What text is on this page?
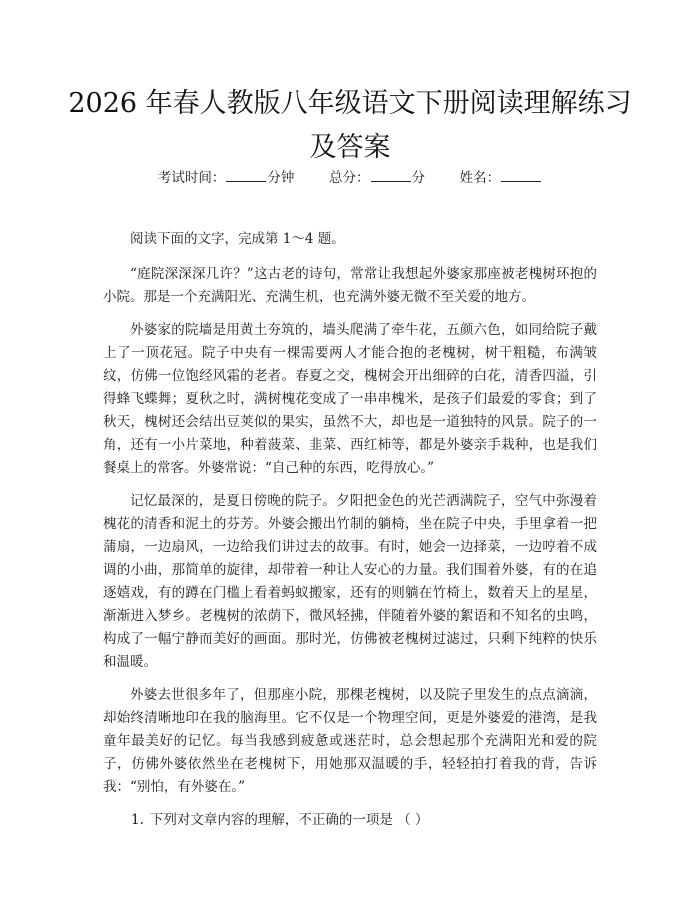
2026 年春人教版八年级语文下册阅读理解练习及答案
考试时间：	分钟	总分：	分	姓名：

阅读下面的文字，完成第 1～4 题。

“庭院深深深几许？”这古老的诗句，常常让我想起外婆家那座被老槐树环抱的小院。那是一个充满阳光、充满生机，也充满外婆无微不至关爱的地方。

外婆家的院墙是用黄土夯筑的，墙头爬满了牵牛花，五颜六色，如同给院子戴上了一顶花冠。院子中央有一棵需要两人才能合抱的老槐树，树干粗糙，布满皱纹，仿佛一位饱经风霜的老者。春夏之交，槐树会开出细碎的白花，清香四溢，引得蜂飞蝶舞；夏秋之时，满树槐花变成了一串串槐米，是孩子们最爱的零食；到了秋天，槐树还会结出豆荚似的果实，虽然不大，却也是一道独特的风景。院子的一角，还有一小片菜地，种着菠菜、韭菜、西红柿等，都是外婆亲手栽种，也是我们餐桌上的常客。外婆常说：“自己种的东西，吃得放心。”

记忆最深的，是夏日傍晚的院子。夕阳把金色的光芒洒满院子，空气中弥漫着槐花的清香和泥土的芬芳。外婆会搬出竹制的躺椅，坐在院子中央，手里拿着一把蒲扇，一边扇风，一边给我们讲过去的故事。有时，她会一边择菜，一边哼着不成调的小曲，那简单的旋律，却带着一种让人安心的力量。我们围着外婆，有的在追逐嬉戏，有的蹲在门槛上看着蚂蚁搬家，还有的则躺在竹椅上，数着天上的星星，渐渐进入梦乡。老槐树的浓荫下，微风轻拂，伴随着外婆的絮语和不知名的虫鸣，构成了一幅宁静而美好的画面。那时光，仿佛被老槐树过滤过，只剩下纯粹的快乐和温暖。

外婆去世很多年了，但那座小院，那棵老槐树，以及院子里发生的点点滴滴，却始终清晰地印在我的脑海里。它不仅是一个物理空间，更是外婆爱的港湾，是我童年最美好的记忆。每当我感到疲惫或迷茫时，总会想起那个充满阳光和爱的院子，仿佛外婆依然坐在老槐树下，用她那双温暖的手，轻轻拍打着我的背，告诉我：“别怕，有外婆在。”

1. 下列对文章内容的理解，不正确的一项是 （ ）
